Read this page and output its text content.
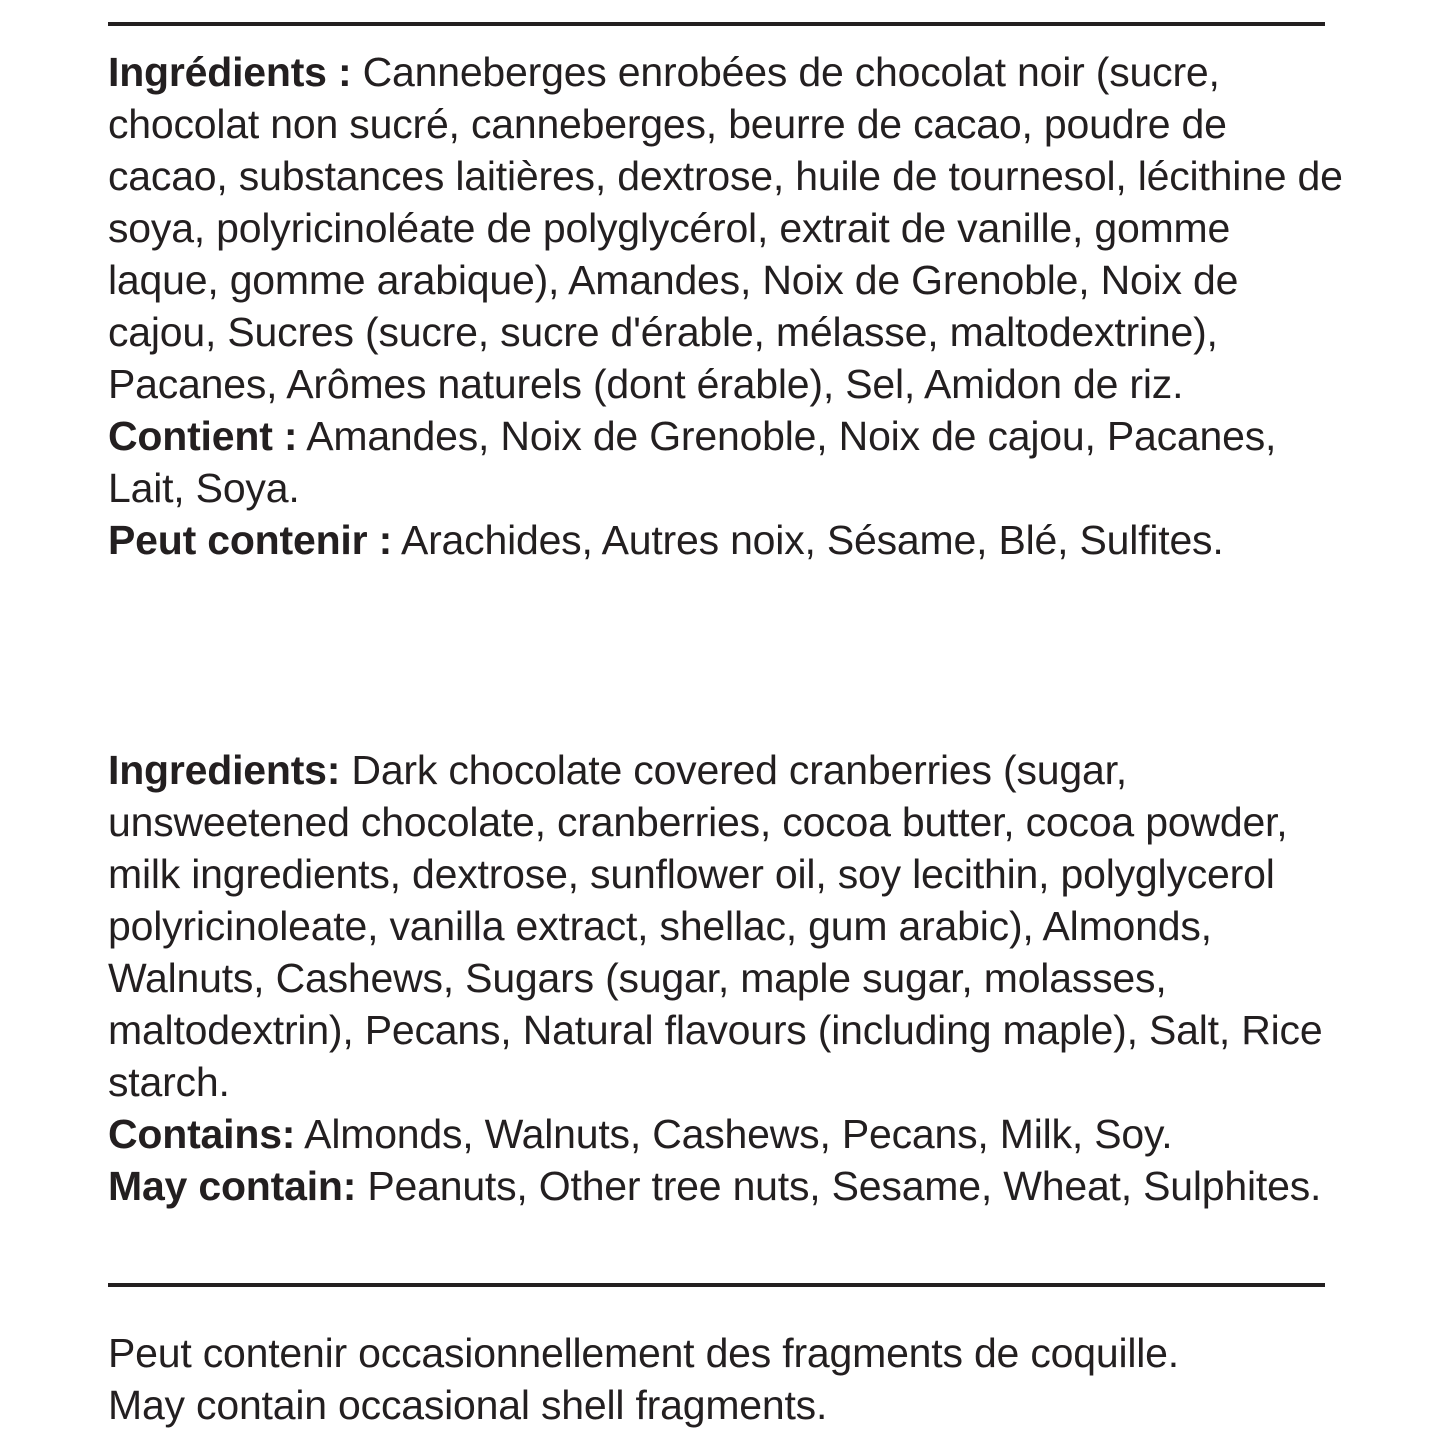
Ingrédients : Canneberges enrobées de chocolat noir (sucre, chocolat non sucré, canneberges, beurre de cacao, poudre de cacao, substances laitières, dextrose, huile de tournesol, lécithine de soya, polyricinoléate de polyglycérol, extrait de vanille, gomme laque, gomme arabique), Amandes, Noix de Grenoble, Noix de cajou, Sucres (sucre, sucre d'érable, mélasse, maltodextrine), Pacanes, Arômes naturels (dont érable), Sel, Amidon de riz.

Contient : Amandes, Noix de Grenoble, Noix de cajou, Pacanes, Lait, Soya.

Peut contenir : Arachides, Autres noix, Sésame, Blé, Sulfites.

Ingredients: Dark chocolate covered cranberries (sugar, unsweetened chocolate, cranberries, cocoa butter, cocoa powder, milk ingredients, dextrose, sunflower oil, soy lecithin, polyglycerol polyricinoleate, vanilla extract, shellac, gum arabic), Almonds, Walnuts, Cashews, Sugars (sugar, maple sugar, molasses, maltodextrin), Pecans, Natural flavours (including maple), Salt, Rice starch.

Contains: Almonds, Walnuts, Cashews, Pecans, Milk, Soy.

May contain: Peanuts, Other tree nuts, Sesame, Wheat, Sulphites.

Peut contenir occasionnellement des fragments de coquille.

May contain occasional shell fragments.
